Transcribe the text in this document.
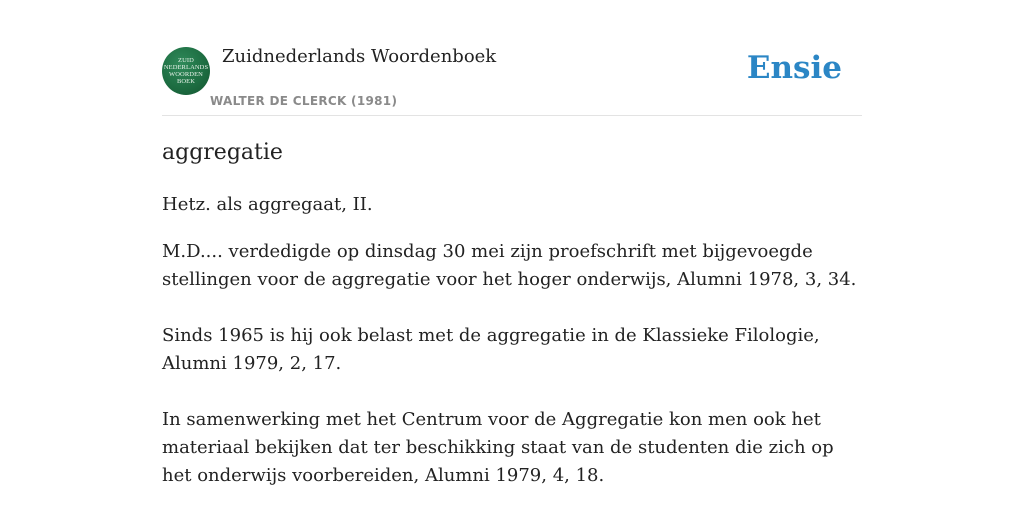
ZUID
NEDERLANDS
WOORDEN
BOEK
Zuidnederlands Woordenboek
WALTER DE CLERCK (1981)
Ensie
aggregatie

Hetz. als aggregaat, II.

M.D.... verdedigde op dinsdag 30 mei zijn proefschrift met bijgevoegde stellingen voor de aggregatie voor het hoger onderwijs, Alumni 1978, 3, 34.

Sinds 1965 is hij ook belast met de aggregatie in de Klassieke Filologie, Alumni 1979, 2, 17.

In samenwerking met het Centrum voor de Aggregatie kon men ook het materiaal bekijken dat ter beschikking staat van de studenten die zich op het onderwijs voorbereiden, Alumni 1979, 4, 18.
